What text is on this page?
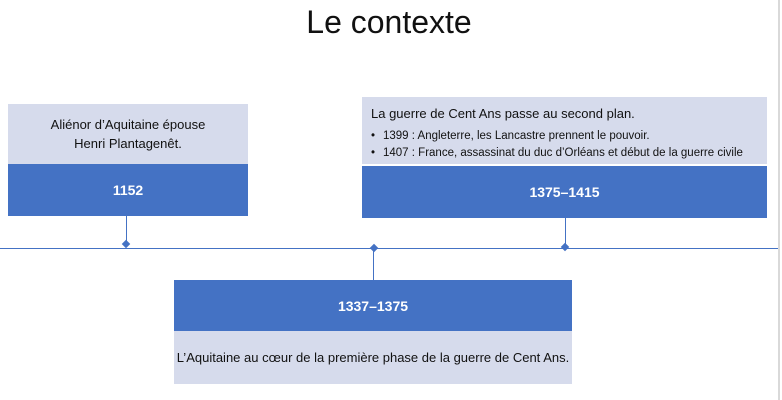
Le contexte
Aliénor d’Aquitaine épouse
Henri Plantagenêt.
1152
La guerre de Cent Ans passe au second plan.
• 1399 : Angleterre, les Lancastre prennent le pouvoir.
• 1407 : France, assassinat du duc d’Orléans et début de la guerre civile
1375–1415
1337–1375
L’Aquitaine au cœur de la première phase de la guerre de Cent Ans.
